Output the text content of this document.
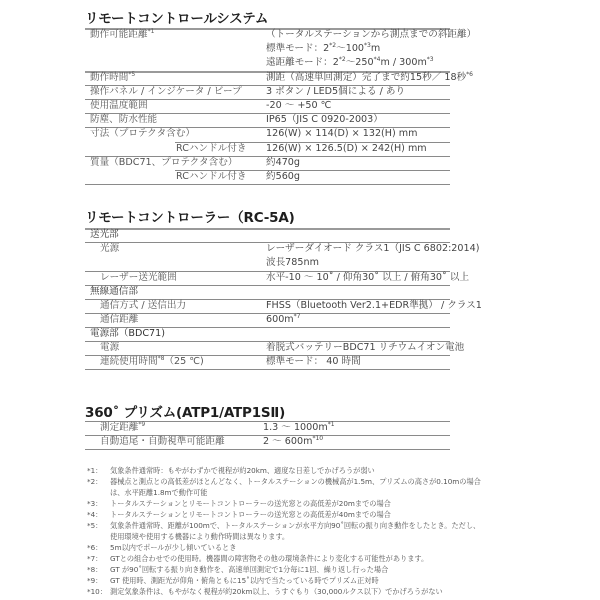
リモートコントロールシステム
動作可能距離$^{*1}$	（トータルステーションから測点までの斜距離）
標準モード：2$^{*2}$〜100$^{*3}$m
遠距離モード：2$^{*2}$〜$250^{*4}m / 300m^{*3}$
動作時間$^{*5}$	測距（高速単回測定）完了まで約15秒／ 18秒$^{*6}$
操作パネル / インジケータ / ビープ	3 ボタン / LED5個による / あり
使用温度範囲	-20 〜 +50 ℃
防塵、防水性能	IP65（JIS C 0920-2003）
寸法（プロテクタ含む）	126(W) × 114(D) × 132(H) mm
RCハンドル付き 126(W) × 126.5(D) × 242(H) mm
質量（BDC71、プロテクタ含む）	約470g
RCハンドル付き 約560g
リモートコントローラー（RC-5A)
送光部
光源	レーザーダイオード クラス1（JIS C 6802:2014)
波長785nm
レーザー送光範囲	水平-10 〜 10˚ / 仰角30˚ 以上 / 俯角30˚ 以上
無線通信部
通信方式 / 送信出力	FHSS（Bluetooth Ver2.1+EDR準拠） / クラス1
通信距離	$600m^{*7}$
電源部（BDC71)
電源	着脱式バッテリーBDC71 リチウムイオン電池
連続使用時間$^{*8}$（25 ℃)	標準モード： 40 時間
360˚ プリズム(ATP1/ATP1SⅡ)
測定距離$^{*9}$	1.3 〜 $1000m^{*1}$
自動追尾・自動視準可能距離	2 〜 $600m^{*10}$
*1： 気象条件通常時：もやがわずかで視程が約20km、適度な日差しでかげろうが弱い
*2： 器械点と測点との高低差がほとんどなく、トータルステーションの機械高が1.5m、プリズムの高さが0.10mの場合
は、水平距離1.8mで動作可能
*3： トータルステーションとリモートコントローラーの送光窓との高低差が20mまでの場合
*4： トータルステーションとリモートコントローラーの送光窓との高低差が40mまでの場合
*5： 気象条件通常時、距離が100mで、トータルステーションが水平方向90˚回転の振り向き動作をしたとき。ただし、
使用環境や使用する機器により動作時間は異なります。
*6： 5m以内でポールが少し傾いているとき
*7： GTとの組合わせでの使用時。機器間の障害物その他の環境条件により変化する可能性があります。
*8： GT が90˚回転する振り向き動作を、高速単回測定で1分毎に1回、繰り返し行った場合
*9： GT 使用時、測距光が仰角・俯角ともに15˚以内で当たっている時でプリズム正対時
*10： 測定気象条件は、もやがなく視程が約20km以上、うすぐもり（30,000ルクス以下）でかげろうがない
